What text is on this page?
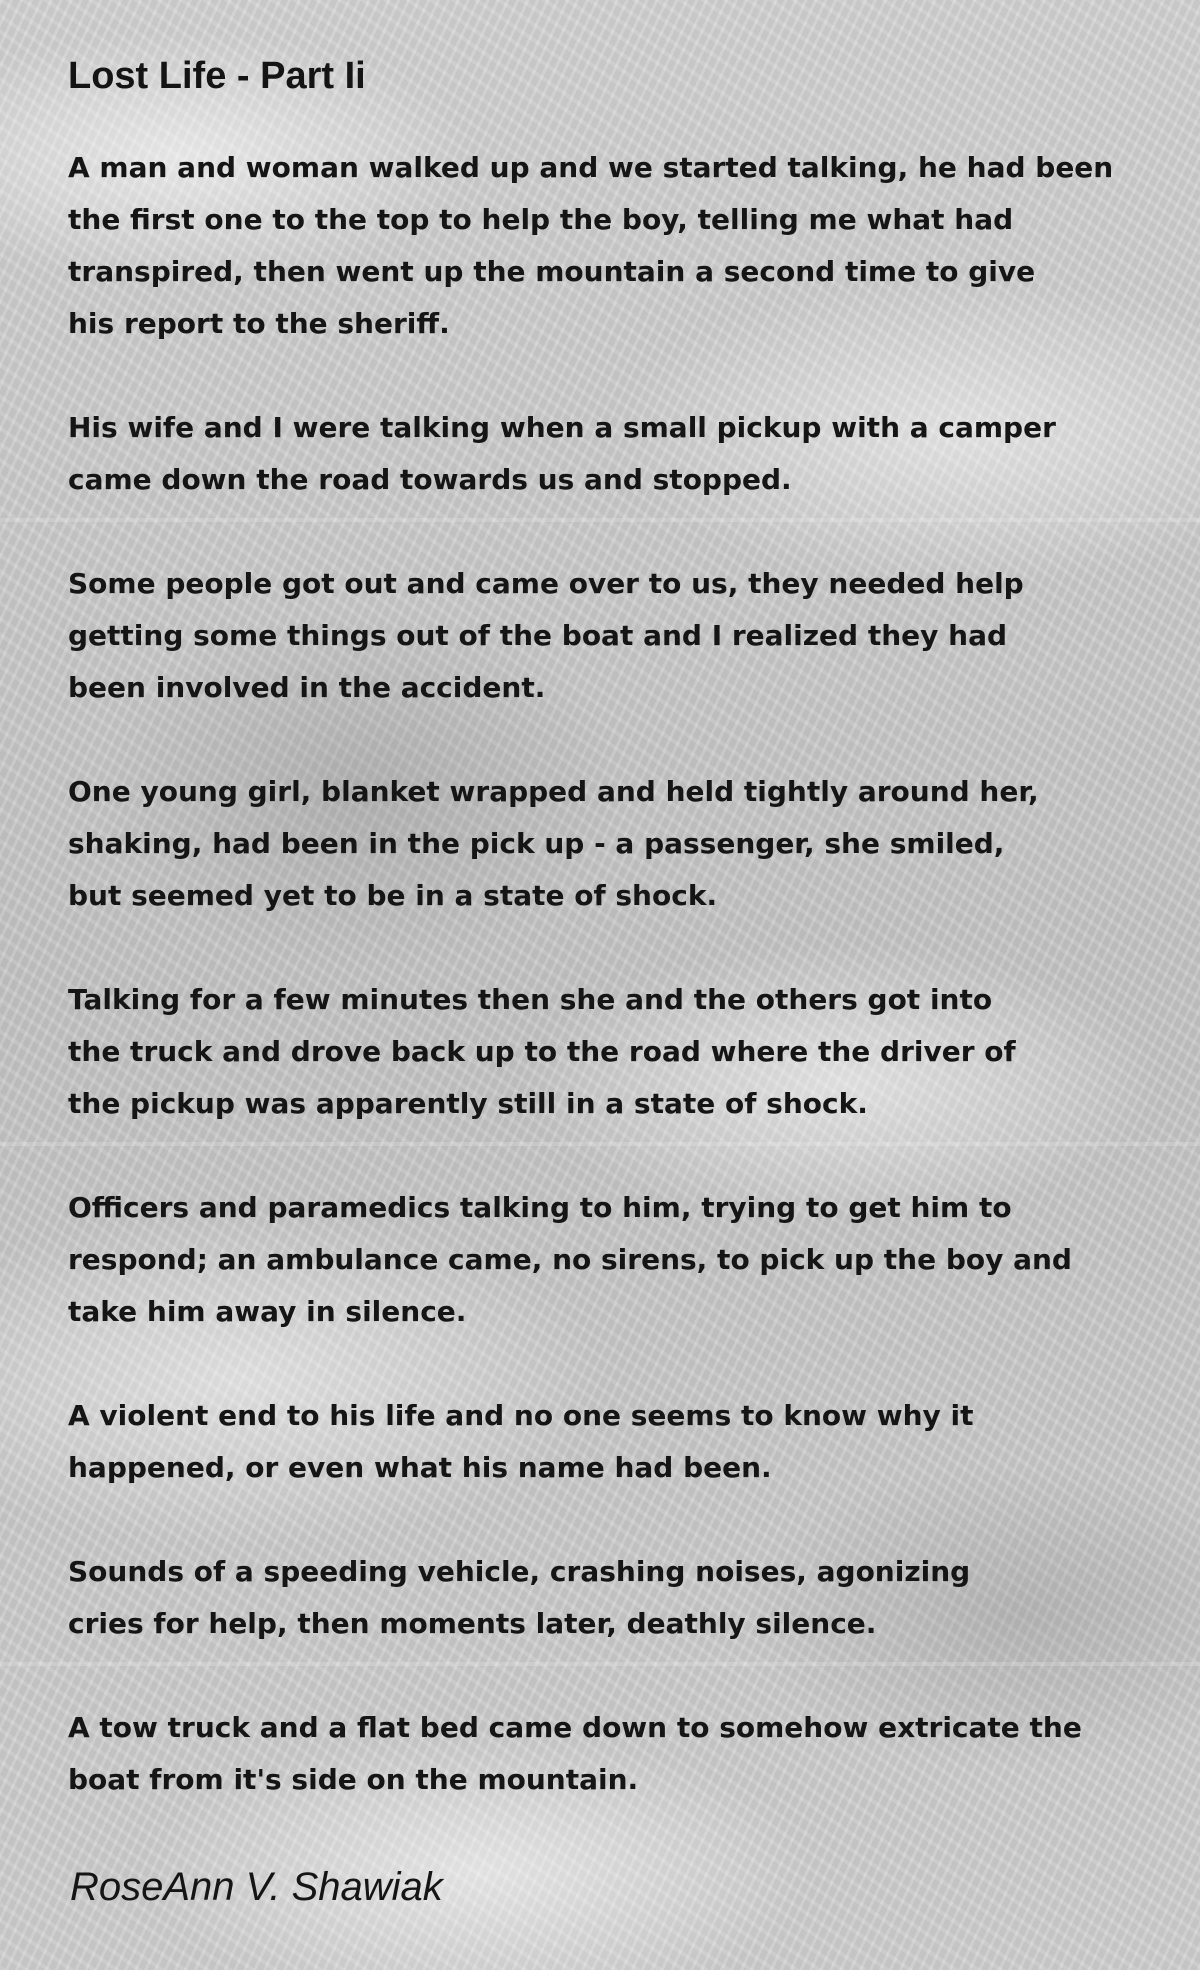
Lost Life - Part Ii
A man and woman walked up and we started talking, he had been
the first one to the top to help the boy, telling me what had
transpired, then went up the mountain a second time to give
his report to the sheriff.
His wife and I were talking when a small pickup with a camper
came down the road towards us and stopped.
Some people got out and came over to us, they needed help
getting some things out of the boat and I realized they had
been involved in the accident.
One young girl, blanket wrapped and held tightly around her,
shaking, had been in the pick up - a passenger, she smiled,
but seemed yet to be in a state of shock.
Talking for a few minutes then she and the others got into
the truck and drove back up to the road where the driver of
the pickup was apparently still in a state of shock.
Officers and paramedics talking to him, trying to get him to
respond; an ambulance came, no sirens, to pick up the boy and
take him away in silence.
A violent end to his life and no one seems to know why it
happened, or even what his name had been.
Sounds of a speeding vehicle, crashing noises, agonizing
cries for help, then moments later, deathly silence.
A tow truck and a flat bed came down to somehow extricate the
boat from it's side on the mountain.
RoseAnn V. Shawiak
